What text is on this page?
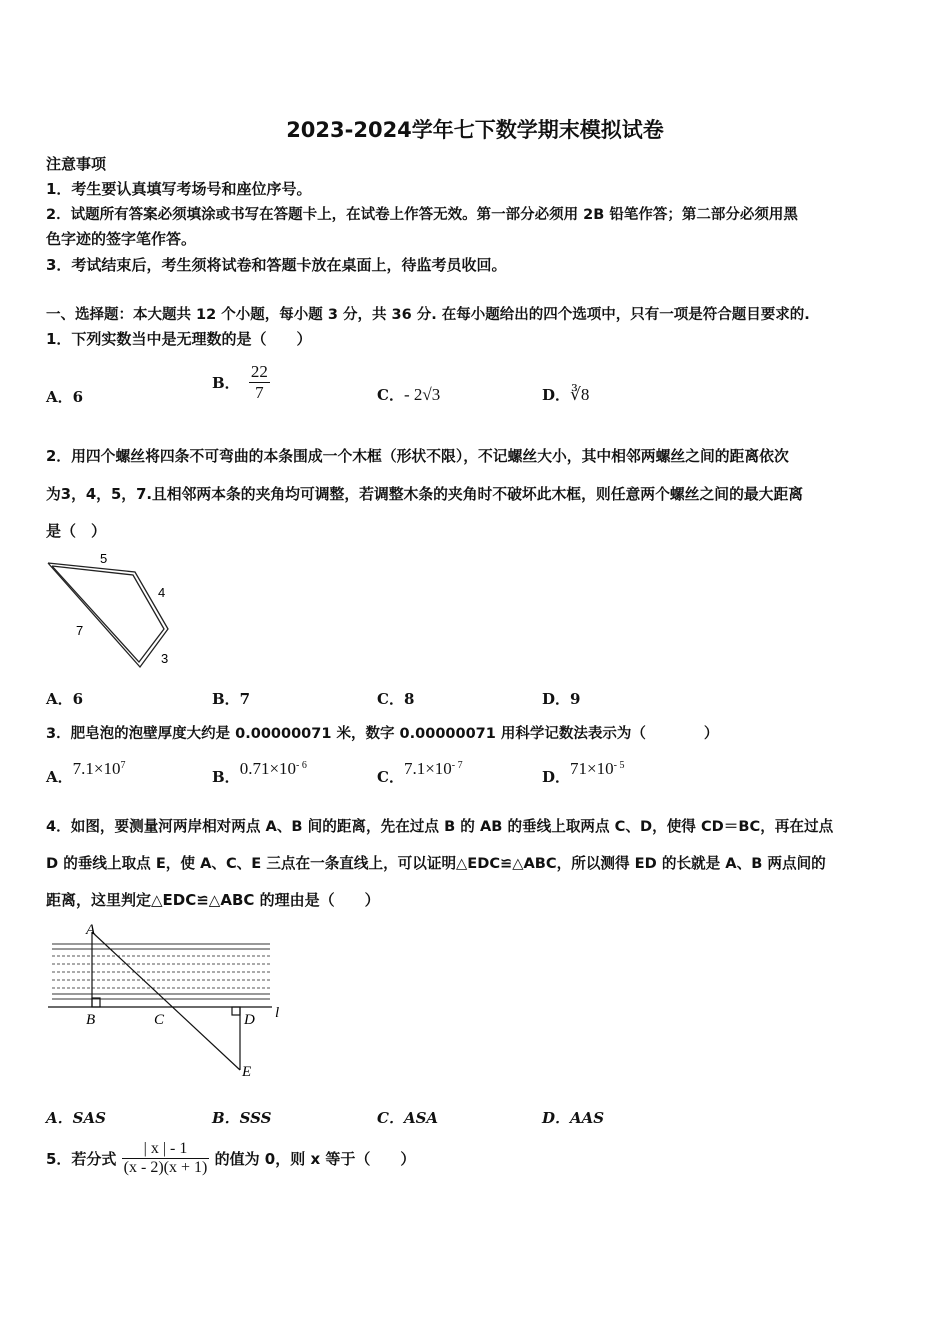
2023-2024学年七下数学期末模拟试卷
注意事项
1．考生要认真填写考场号和座位序号。
2．试题所有答案必须填涂或书写在答题卡上，在试卷上作答无效。第一部分必须用 2B 铅笔作答；第二部分必须用黑
色字迹的签字笔作答。
3．考试结束后，考生须将试卷和答题卡放在桌面上，待监考员收回。
一、选择题：本大题共 12 个小题，每小题 3 分，共 36 分. 在每小题给出的四个选项中，只有一项是符合题目要求的.
1．下列实数当中是无理数的是（　　）
A．6
B． $\frac{22}{7}$	C．- 2√3	D．∛8
2．用四个螺丝将四条不可弯曲的本条围成一个木框（形状不限），不记螺丝大小，其中相邻两螺丝之间的距离依次
为3，4，5，7.且相邻两本条的夹角均可调整，若调整木条的夹角时不破坏此木框，则任意两个螺丝之间的最大距离
是（　）
5
4
7
3
A．6	B．7	C．8	D．9
3．肥皂泡的泡壁厚度大约是 0.00000071 米，数字 0.00000071 用科学记数法表示为（　　　　）
A．$7.1\times 10^7$
B．$0.71\times 10^{- 6}$
C．$7.1\times 10^{- 7}$
D．$71\times 10^{- 5}$
4．如图，要测量河两岸相对两点 A、B 间的距离，先在过点 B 的 AB 的垂线上取两点 C、D，使得 CD＝BC，再在过点
D 的垂线上取点 E，使 A、C、E 三点在一条直线上，可以证明△EDC≌△ABC，所以测得 ED 的长就是 A、B 两点间的
距离，这里判定△EDC≌△ABC 的理由是（　　）
A
B	C	D
E
l
A．SAS	B．SSS	C．ASA	D．AAS
5．若分式 $\frac{| x | - 1}{(x - 2)(x + 1)}$ 的值为 0，则 x 等于（　　）
